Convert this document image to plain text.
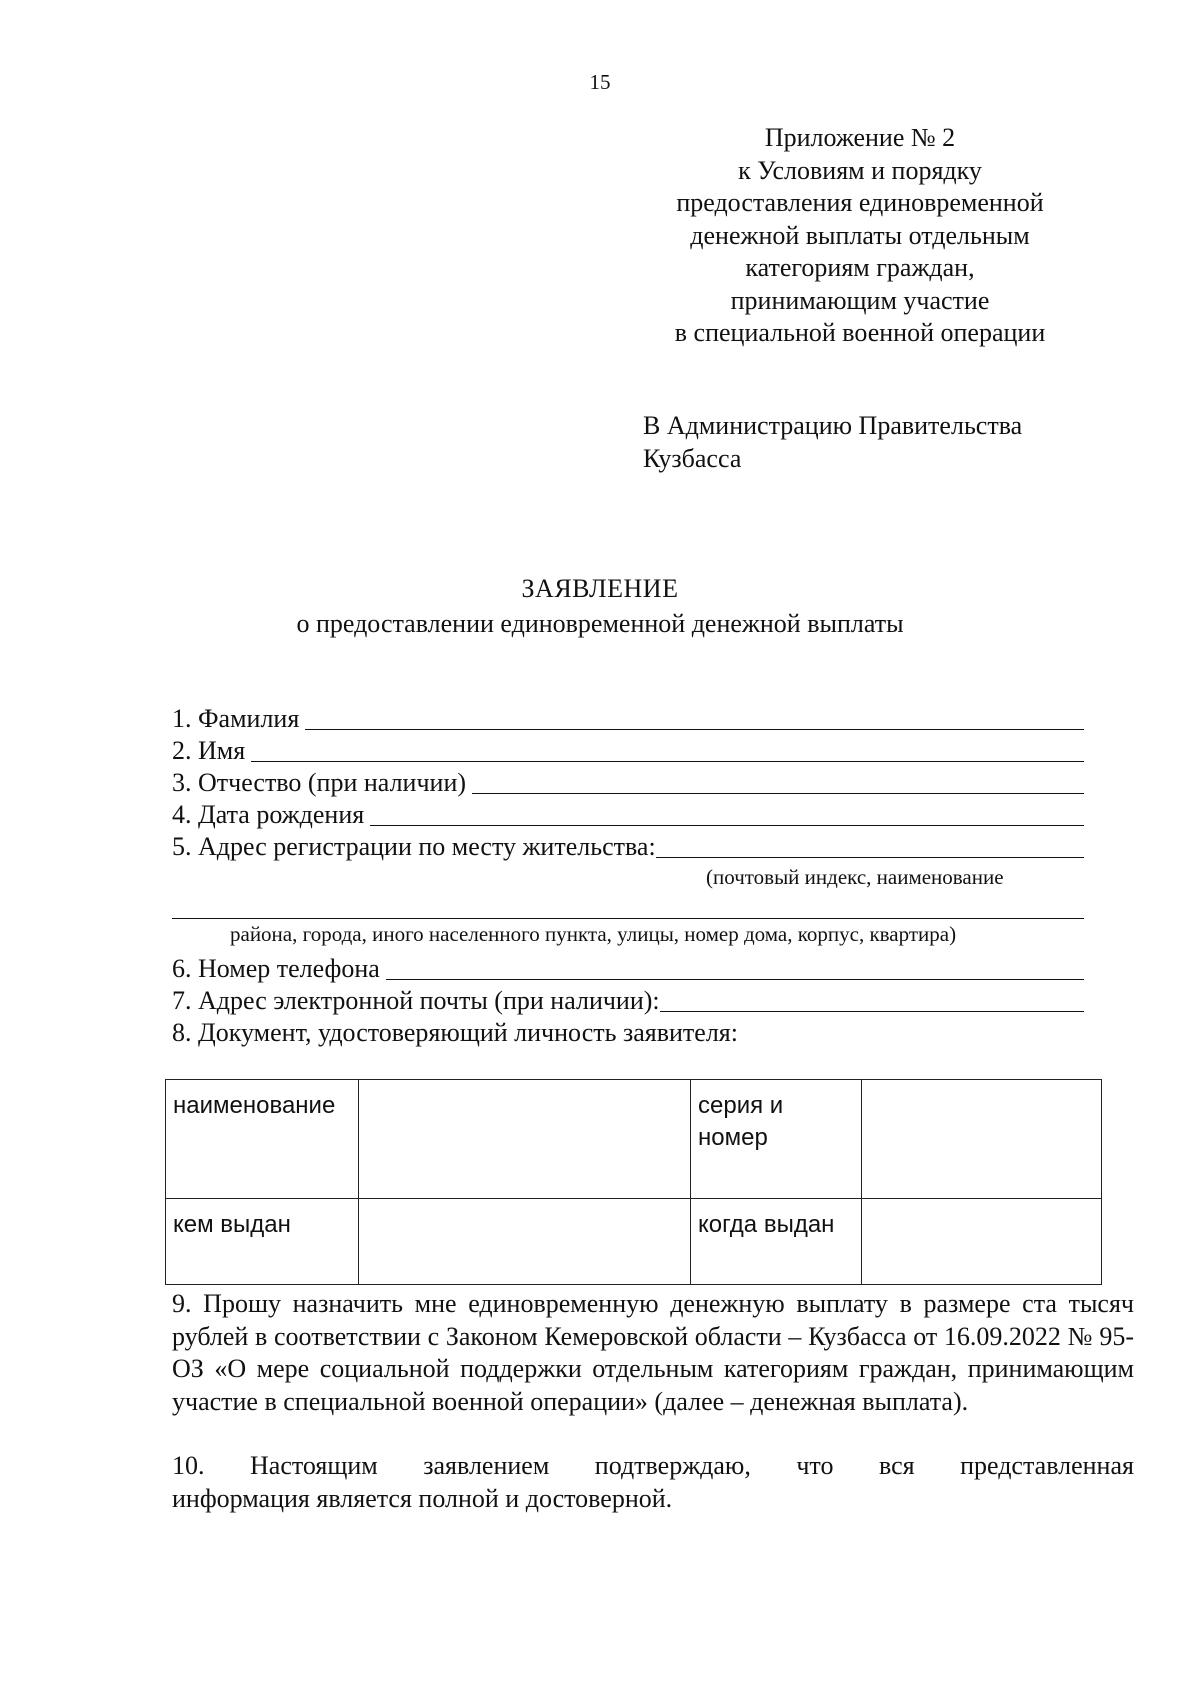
15
Приложение № 2
к Условиям и порядку
предоставления единовременной
денежной выплаты отдельным
категориям граждан,
принимающим участие
в специальной военной операции
В Администрацию Правительства
Кузбасса
ЗАЯВЛЕНИЕ
о предоставлении единовременной денежной выплаты
1. Фамилия
2. Имя
3. Отчество (при наличии)
4. Дата рождения
5. Адрес регистрации по месту жительства:
(почтовый индекс, наименование
района, города, иного населенного пункта, улицы, номер дома, корпус, квартира)
6. Номер телефона
7. Адрес электронной почты (при наличии):
8. Документ, удостоверяющий личность заявителя:
наименование		серия и
номер	

кем выдан		когда выдан	
9. Прошу назначить мне единовременную денежную выплату в размере ста тысяч рублей в соответствии с Законом Кемеровской области – Кузбасса от 16.09.2022 № 95-ОЗ «О мере социальной поддержки отдельным категориям граждан, принимающим участие в специальной военной операции» (далее – денежная выплата).
10. Настоящим заявлением подтверждаю, что вся представленная
информация является полной и достоверной.
